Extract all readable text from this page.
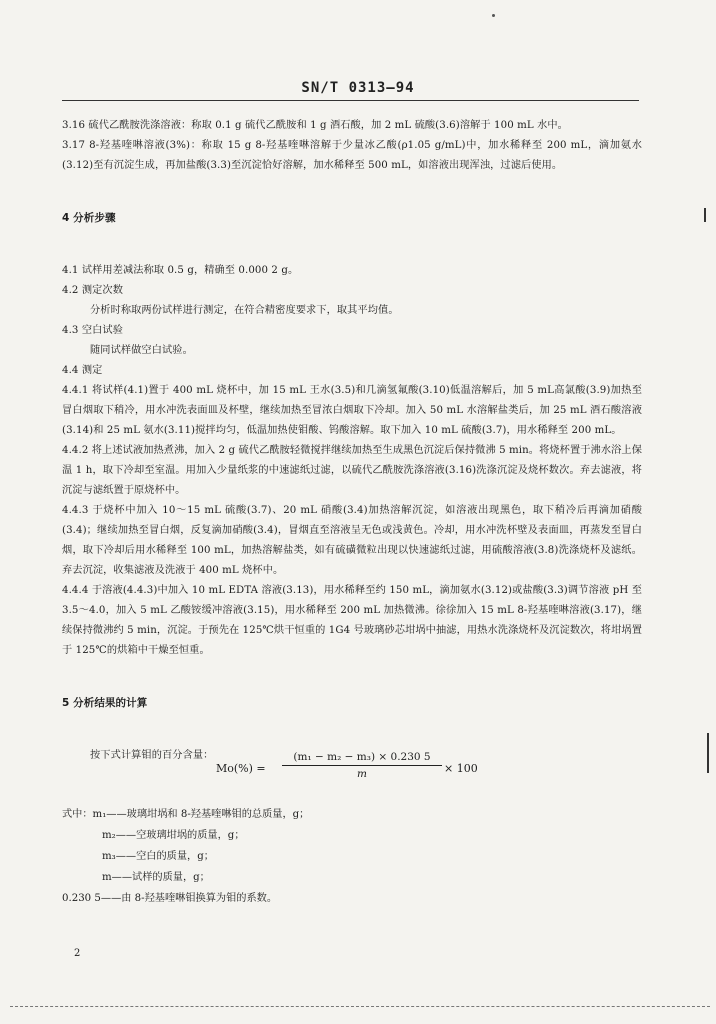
SN/T 0313—94

3.16 硫代乙酰胺洗涤溶液：称取 0.1 g 硫代乙酰胺和 1 g 酒石酸，加 2 mL 硫酸(3.6)溶解于 100 mL 水中。

3.17 8-羟基喹啉溶液(3%)：称取 15 g 8-羟基喹啉溶解于少量冰乙酸(ρ1.05 g/mL)中，加水稀释至 200 mL，滴加氨水(3.12)至有沉淀生成，再加盐酸(3.3)至沉淀恰好溶解，加水稀释至 500 mL，如溶液出现浑浊，过滤后使用。

4 分析步骤

4.1 试样用差减法称取 0.5 g，精确至 0.000 2 g。

4.2 测定次数

分析时称取两份试样进行测定，在符合精密度要求下，取其平均值。

4.3 空白试验

随同试样做空白试验。

4.4 测定

4.4.1 将试样(4.1)置于 400 mL 烧杯中，加 15 mL 王水(3.5)和几滴氢氟酸(3.10)低温溶解后，加 5 mL高氯酸(3.9)加热至冒白烟取下稍冷，用水冲洗表面皿及杯壁，继续加热至冒浓白烟取下冷却。加入 50 mL 水溶解盐类后，加 25 mL 酒石酸溶液(3.14)和 25 mL 氨水(3.11)搅拌均匀，低温加热使钼酸、钨酸溶解。取下加入 10 mL 硫酸(3.7)，用水稀释至 200 mL。

4.4.2 将上述试液加热煮沸，加入 2 g 硫代乙酰胺轻微搅拌继续加热至生成黑色沉淀后保持微沸 5 min。将烧杯置于沸水浴上保温 1 h，取下冷却至室温。用加入少量纸浆的中速滤纸过滤，以硫代乙酰胺洗涤溶液(3.16)洗涤沉淀及烧杯数次。弃去滤液，将沉淀与滤纸置于原烧杯中。

4.4.3 于烧杯中加入 10～15 mL 硫酸(3.7)、20 mL 硝酸(3.4)加热溶解沉淀，如溶液出现黑色，取下稍冷后再滴加硝酸(3.4)；继续加热至冒白烟，反复滴加硝酸(3.4)，冒烟直至溶液呈无色或浅黄色。冷却，用水冲洗杯壁及表面皿，再蒸发至冒白烟，取下冷却后用水稀释至 100 mL，加热溶解盐类，如有硫磺微粒出现以快速滤纸过滤，用硫酸溶液(3.8)洗涤烧杯及滤纸。弃去沉淀，收集滤液及洗液于 400 mL 烧杯中。

4.4.4 于溶液(4.4.3)中加入 10 mL EDTA 溶液(3.13)，用水稀释至约 150 mL，滴加氨水(3.12)或盐酸(3.3)调节溶液 pH 至 3.5～4.0，加入 5 mL 乙酸铵缓冲溶液(3.15)，用水稀释至 200 mL 加热微沸。徐徐加入 15 mL 8-羟基喹啉溶液(3.17)，继续保持微沸约 5 min，沉淀。于预先在 125℃烘干恒重的 1G4 号玻璃砂芯坩埚中抽滤，用热水洗涤烧杯及沉淀数次，将坩埚置于 125℃的烘箱中干燥至恒重。

5 分析结果的计算

按下式计算钼的百分含量：

Mo(%) =
(m₁ − m₂ − m₃) × 0.230 5
m	× 100
式中：m₁——玻璃坩埚和 8-羟基喹啉钼的总质量，g；
m₂——空玻璃坩埚的质量，g；
m₃——空白的质量，g；
m——试样的质量，g；
0.230 5——由 8-羟基喹啉钼换算为钼的系数。
2
